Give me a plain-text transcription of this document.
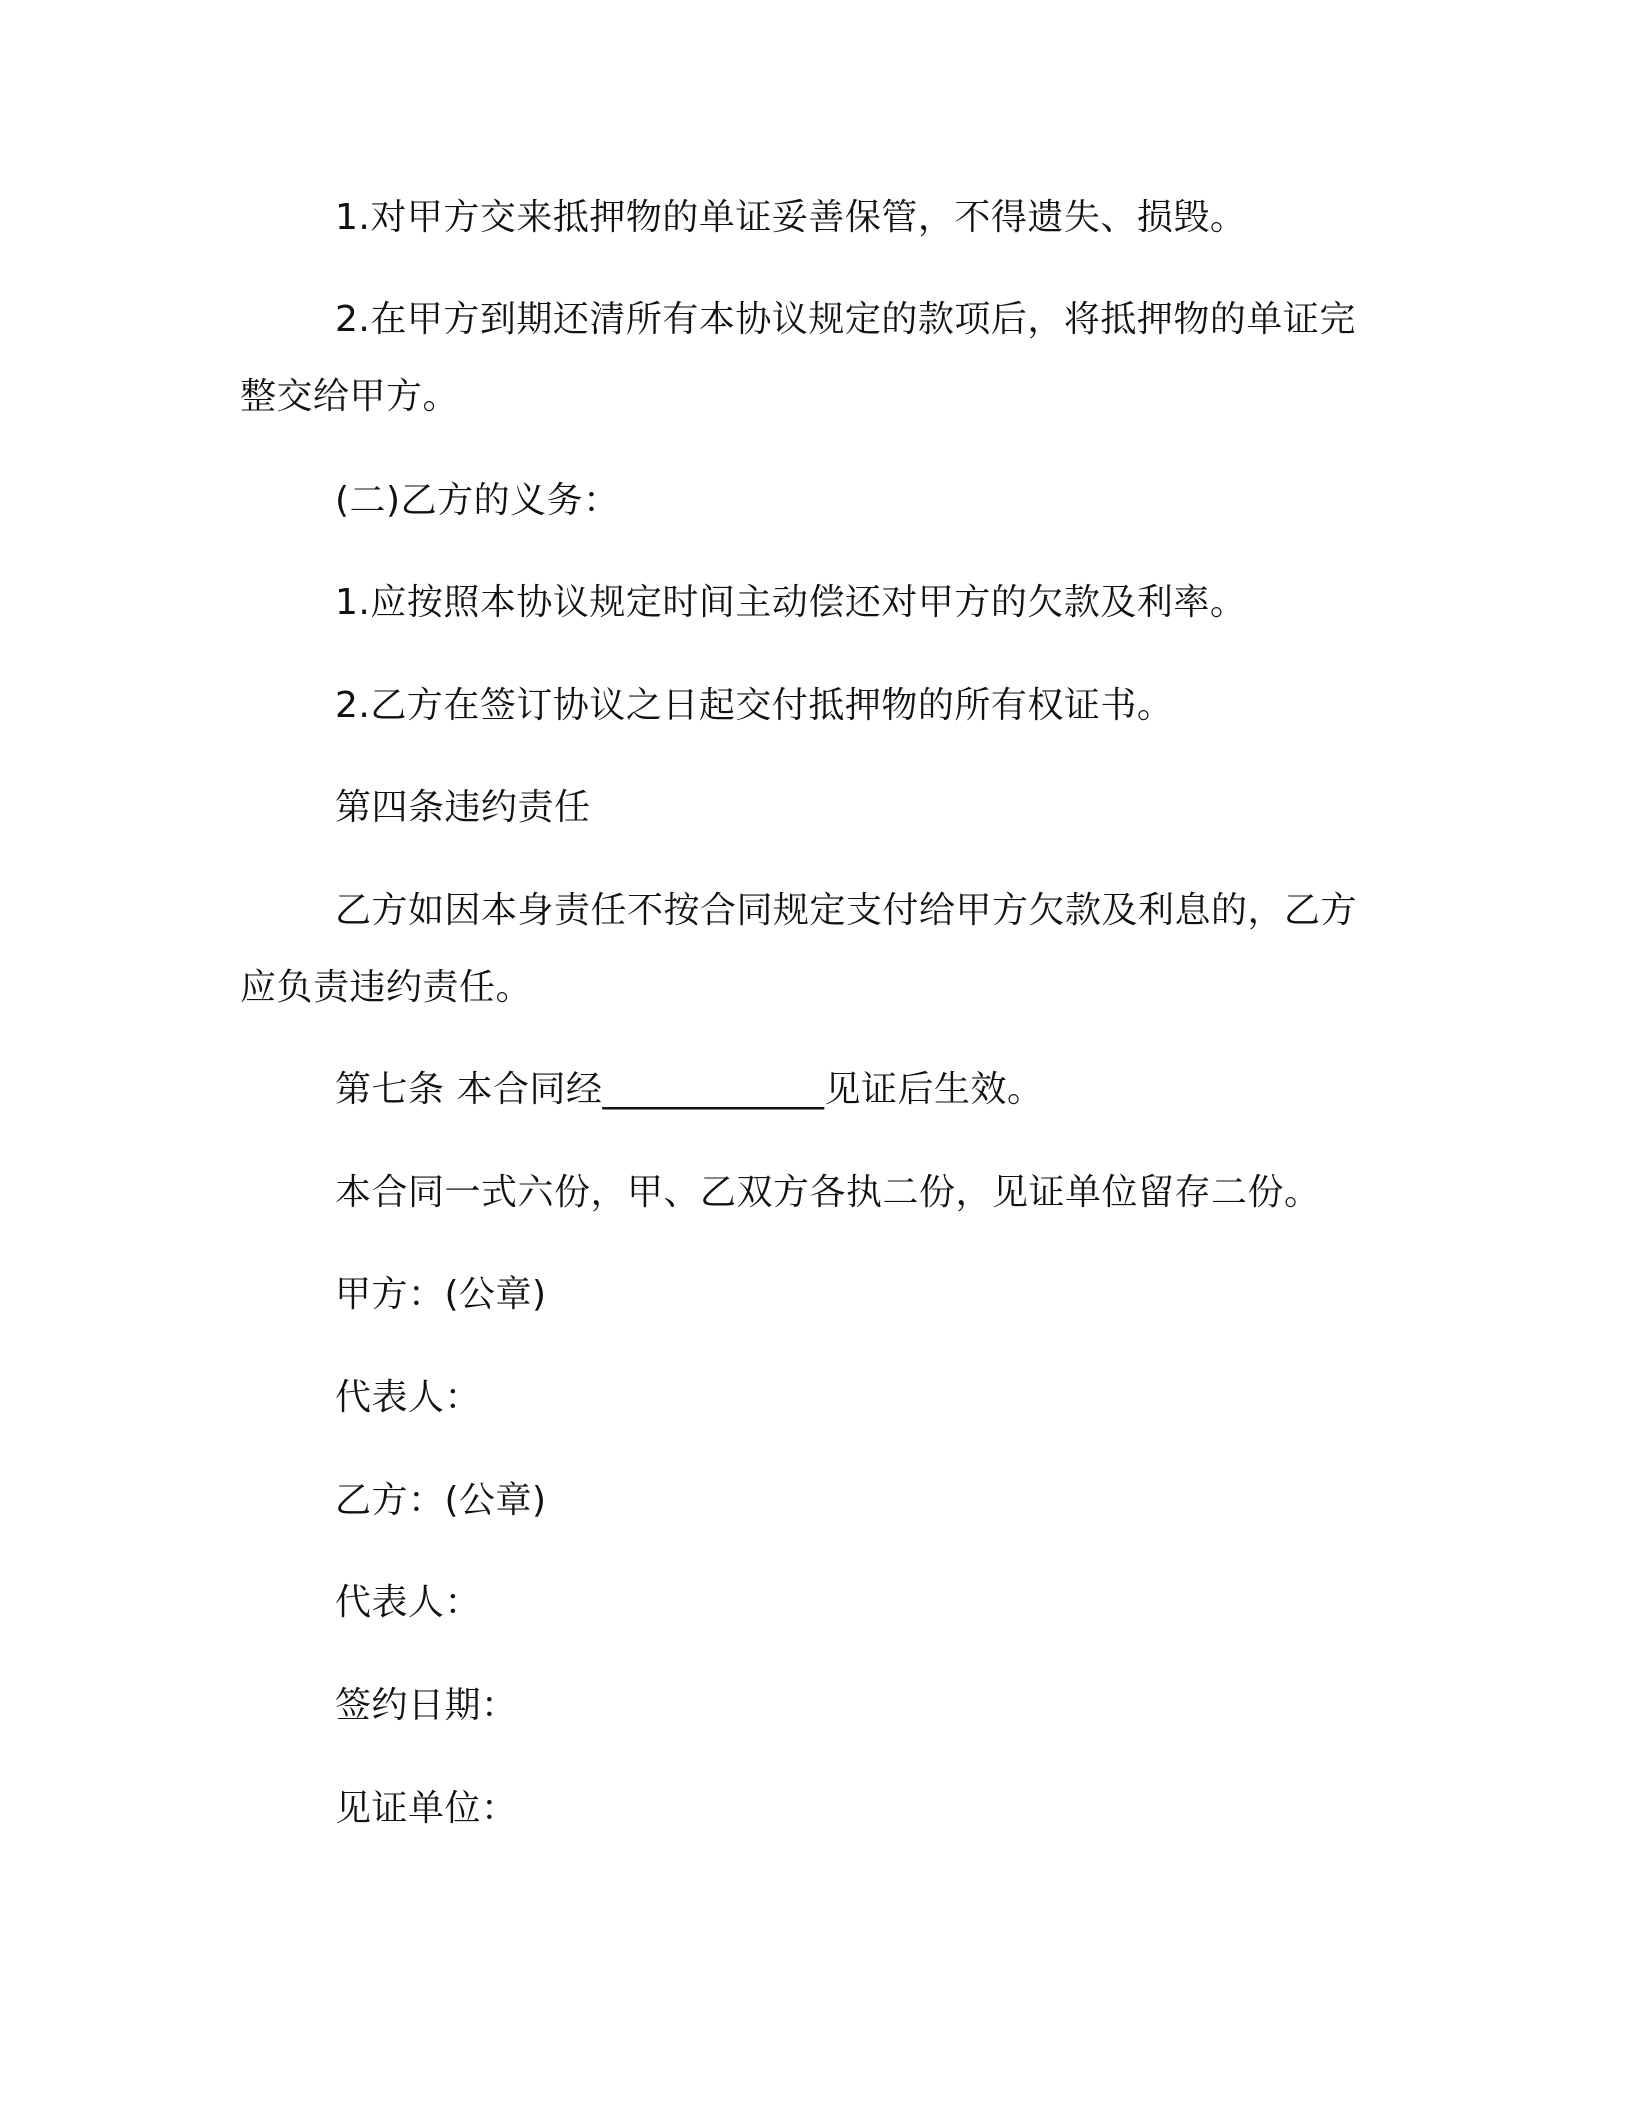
1.对甲方交来抵押物的单证妥善保管，不得遗失、损毁。
2.在甲方到期还清所有本协议规定的款项后，将抵押物的单证完
整交给甲方。
(二)乙方的义务：
1.应按照本协议规定时间主动偿还对甲方的欠款及利率。
2.乙方在签订协议之日起交付抵押物的所有权证书。
第四条违约责任
乙方如因本身责任不按合同规定支付给甲方欠款及利息的，乙方
应负责违约责任。
第七条 本合同经____________见证后生效。
本合同一式六份，甲、乙双方各执二份，见证单位留存二份。
甲方：(公章)
代表人：
乙方：(公章)
代表人：
签约日期：
见证单位：
